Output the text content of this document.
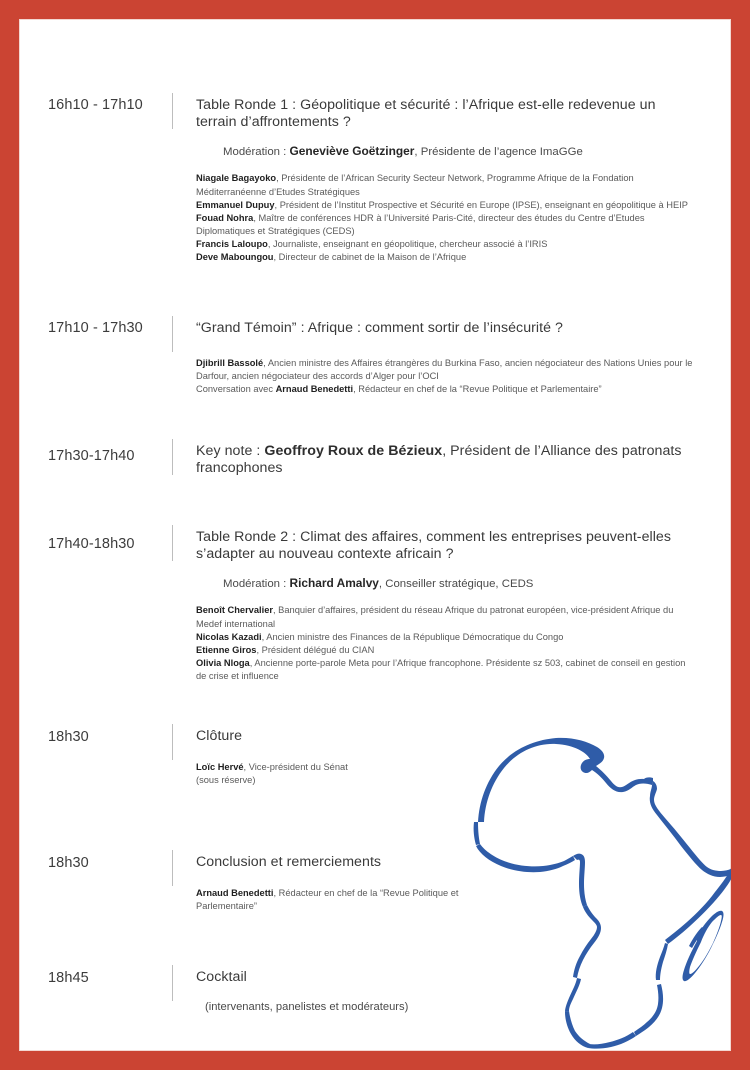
16h10 - 17h10	Table Ronde 1 : Géopolitique et sécurité : l’Afrique est-elle redevenue un terrain d’affrontements ?
Modération : Geneviève Goëtzinger, Présidente de l’agence ImaGGe

Niagale Bagayoko, Présidente de l’African Security Secteur Network, Programme Afrique de la Fondation Méditerranéenne d’Etudes Stratégiques

Emmanuel Dupuy, Président de l’Institut Prospective et Sécurité en Europe (IPSE), enseignant en géopolitique à HEIP

Fouad Nohra, Maître de conférences HDR à l’Université Paris-Cité, directeur des études du Centre d’Etudes Diplomatiques et Stratégiques (CEDS)

Francis Laloupo, Journaliste, enseignant en géopolitique, chercheur associé à l’IRIS

Deve Maboungou, Directeur de cabinet de la Maison de l’Afrique

17h10 - 17h30	“Grand Témoin” : Afrique : comment sortir de l’insécurité ?

Djibrill Bassolé, Ancien ministre des Affaires étrangères du Burkina Faso, ancien négociateur des Nations Unies pour le Darfour, ancien négociateur des accords d’Alger pour l’OCI

Conversation avec Arnaud Benedetti, Rédacteur en chef de la “Revue Politique et Parlementaire”

17h30-17h40	Key note : Geoffroy Roux de Bézieux, Président de l’Alliance des patronats francophones
17h40-18h30	Table Ronde 2 : Climat des affaires, comment les entreprises peuvent-elles s’adapter au nouveau contexte africain ?
Modération : Richard Amalvy, Conseiller stratégique, CEDS

Benoît Chervalier, Banquier d’affaires, président du réseau Afrique du patronat européen, vice-président Afrique du Medef international

Nicolas Kazadi, Ancien ministre des Finances de la République Démocratique du Congo

Etienne Giros, Président délégué du CIAN

Olivia Nloga, Ancienne porte-parole Meta pour l’Afrique francophone. Présidente sz 503, cabinet de conseil en gestion de crise et influence

18h30	Clôture

Loïc Hervé, Vice-président du Sénat

(sous réserve)

18h30	Conclusion et remerciements

Arnaud Benedetti, Rédacteur en chef de la “Revue Politique et Parlementaire”

18h45	Cocktail
(intervenants, panelistes et modérateurs)
